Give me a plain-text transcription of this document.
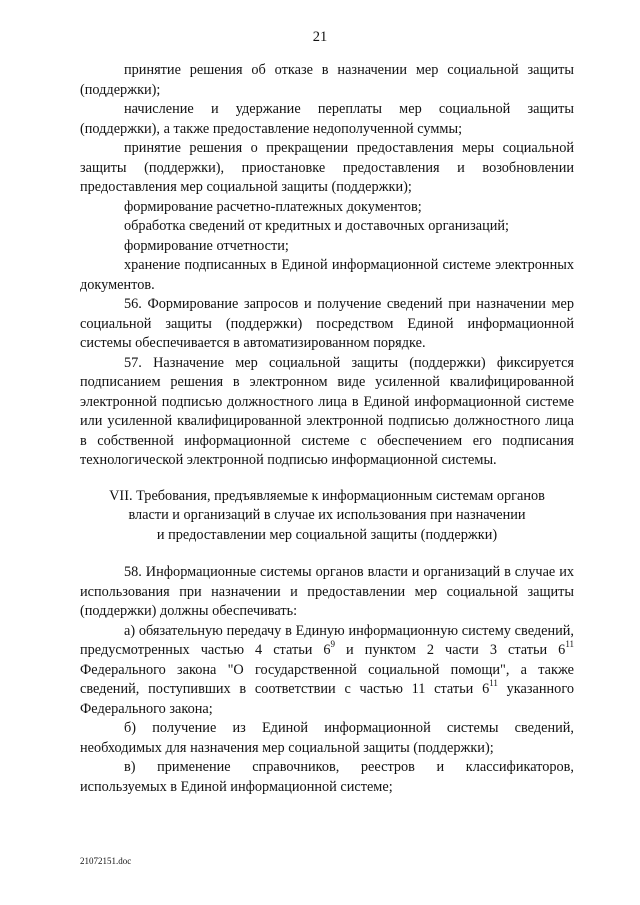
21

принятие решения об отказе в назначении мер социальной защиты (поддержки);

начисление и удержание переплаты мер социальной защиты (поддержки), а также предоставление недополученной суммы;

принятие решения о прекращении предоставления меры социальной защиты (поддержки), приостановке предоставления и возобновлении предоставления мер социальной защиты (поддержки);

формирование расчетно-платежных документов;

обработка сведений от кредитных и доставочных организаций;

формирование отчетности;

хранение подписанных в Единой информационной системе электронных документов.

56. Формирование запросов и получение сведений при назначении мер социальной защиты (поддержки) посредством Единой информационной системы обеспечивается в автоматизированном порядке.

57. Назначение мер социальной защиты (поддержки) фиксируется подписанием решения в электронном виде усиленной квалифицированной электронной подписью должностного лица в Единой информационной системе или усиленной квалифицированной электронной подписью должностного лица в собственной информационной системе с обеспечением его подписания технологической электронной подписью информационной системы.

VII. Требования, предъявляемые к информационным системам органов
власти и организаций в случае их использования при назначении
и предоставлении мер социальной защиты (поддержки)

58. Информационные системы органов власти и организаций в случае их использования при назначении и предоставлении мер социальной защиты (поддержки) должны обеспечивать:

а) обязательную передачу в Единую информационную систему сведений, предусмотренных частью 4 статьи $6^9$ и пунктом 2 части 3 статьи $6^{11}$ Федерального закона "О государственной социальной помощи", а также сведений, поступивших в соответствии с частью 11 статьи $6^{11}$ указанного Федерального закона;

б) получение из Единой информационной системы сведений, необходимых для назначения мер социальной защиты (поддержки);

в) применение справочников, реестров и классификаторов, используемых в Единой информационной системе;

21072151.doc
